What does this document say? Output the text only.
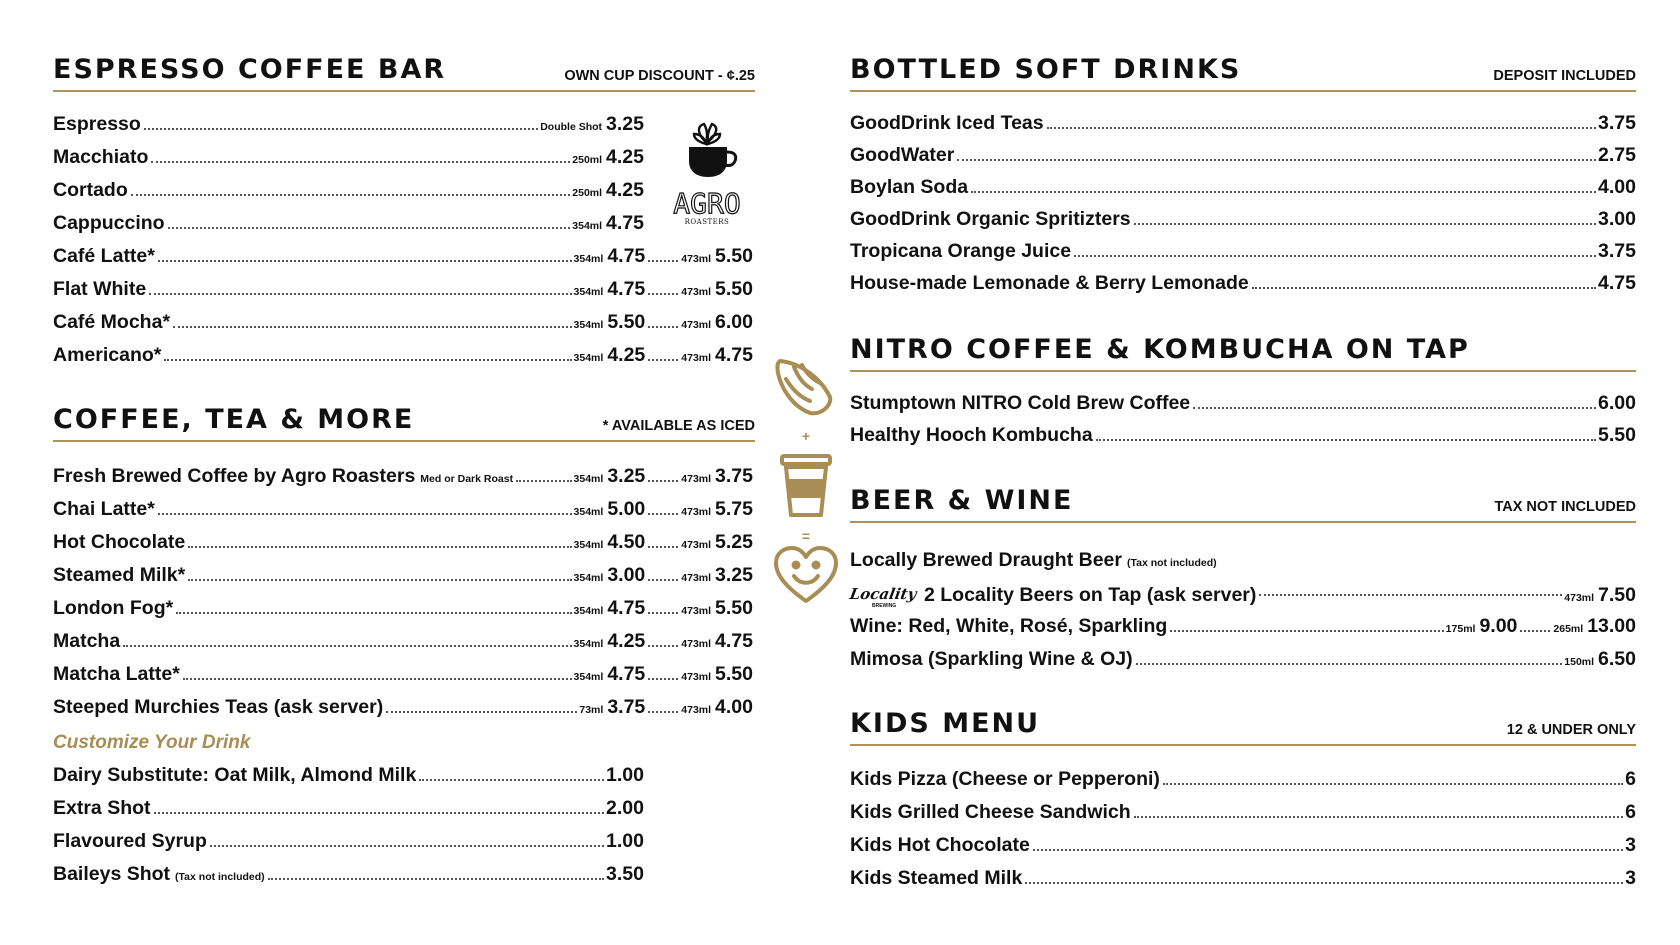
ESPRESSO COFFEE BAR	OWN CUP DISCOUNT - ¢.25
Espresso	Double Shot 3.25
Macchiato	250ml 4.25
Cortado	250ml 4.25
Cappuccino	354ml 4.75
Café Latte*	354ml 4.75	473ml 5.50
Flat White	354ml 4.75	473ml 5.50
Café Mocha*	354ml 5.50	473ml 6.00
Americano*	354ml 4.25	473ml 4.75
COFFEE, TEA & MORE	* AVAILABLE AS ICED
Fresh Brewed Coffee by Agro Roasters Med or Dark Roast	354ml 3.25	473ml 3.75
Chai Latte*	354ml 5.00	473ml 5.75
Hot Chocolate	354ml 4.50	473ml 5.25
Steamed Milk*	354ml 3.00	473ml 3.25
London Fog*	354ml 4.75	473ml 5.50
Matcha	354ml 4.25	473ml 4.75
Matcha Latte*	354ml 4.75	473ml 5.50
Steeped Murchies Teas (ask server)	73ml 3.75	473ml 4.00
Customize Your Drink
Dairy Substitute: Oat Milk, Almond Milk	1.00
Extra Shot	2.00
Flavoured Syrup	1.00
Baileys Shot (Tax not included)	3.50
AGRO
ROASTERS
+
=
BOTTLED SOFT DRINKS	DEPOSIT INCLUDED
GoodDrink Iced Teas	3.75
GoodWater	2.75
Boylan Soda	4.00
GoodDrink Organic Spritizters	3.00
Tropicana Orange Juice	3.75
House-made Lemonade & Berry Lemonade	4.75
NITRO COFFEE & KOMBUCHA ON TAP
Stumptown NITRO Cold Brew Coffee	6.00
Healthy Hooch Kombucha	5.50
BEER & WINE	TAX NOT INCLUDED
Locally Brewed Draught Beer (Tax not included)
Locality
BREWING
2 Locality Beers on Tap (ask server)	473ml 7.50
Wine: Red, White, Rosé, Sparkling	175ml 9.00	265ml 13.00
Mimosa (Sparkling Wine & OJ)	150ml 6.50
KIDS MENU	12 & UNDER ONLY
Kids Pizza (Cheese or Pepperoni)	6
Kids Grilled Cheese Sandwich	6
Kids Hot Chocolate	3
Kids Steamed Milk	3
